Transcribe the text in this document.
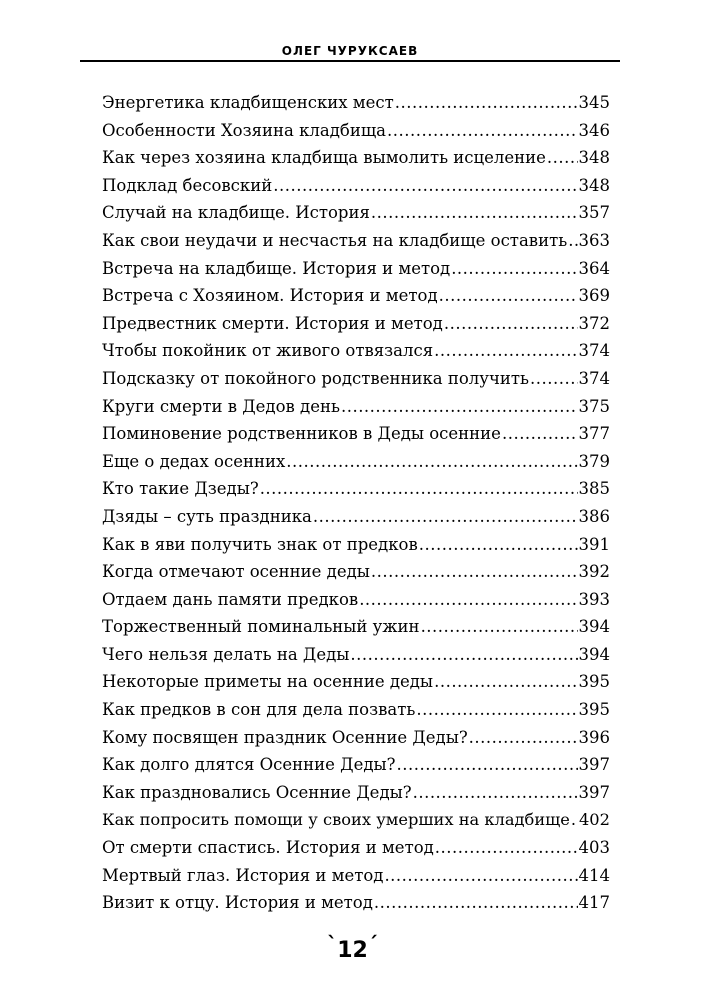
ОЛЕГ ЧУРУКСАЕВ
Энергетика кладбищенских мест .....	345
Особенности Хозяина кладбища .....	346
Как через хозяина кладбища вымолить исцеление ..... 348
Подклад бесовский .....	348
Случай на кладбище. История .....	357
Как свои неудачи и несчастья на кладбище оставить ..... 363
Встреча на кладбище. История и метод .....	364
Встреча с Хозяином. История и метод .....	369
Предвестник смерти. История и метод .....	372
Чтобы покойник от живого отвязался .....	374
Подсказку от покойного родственника получить .....	374
Круги смерти в Дедов день .....	375
Поминовение родственников в Деды осенние .....	377
Еще о дедах осенних .....	379
Кто такие Дзеды? .....	385
Дзяды – суть праздника .....	386
Как в яви получить знак от предков .....	391
Когда отмечают осенние деды .....	392
Отдаем дань памяти предков .....	393
Торжественный поминальный ужин .....	394
Чего нельзя делать на Деды .....	394
Некоторые приметы на осенние деды .....	395
Как предков в сон для дела позвать .....	395
Кому посвящен праздник Осенние Деды? .....	396
Как долго длятся Осенние Деды? .....	397
Как праздновались Осенние Деды? .....	397
Как попросить помощи у своих умерших на кладбище ..... 402
От смерти спастись. История и метод .....	403
Мертвый глаз. История и метод .....	414
Визит к отцу. История и метод .....	417
`12´
